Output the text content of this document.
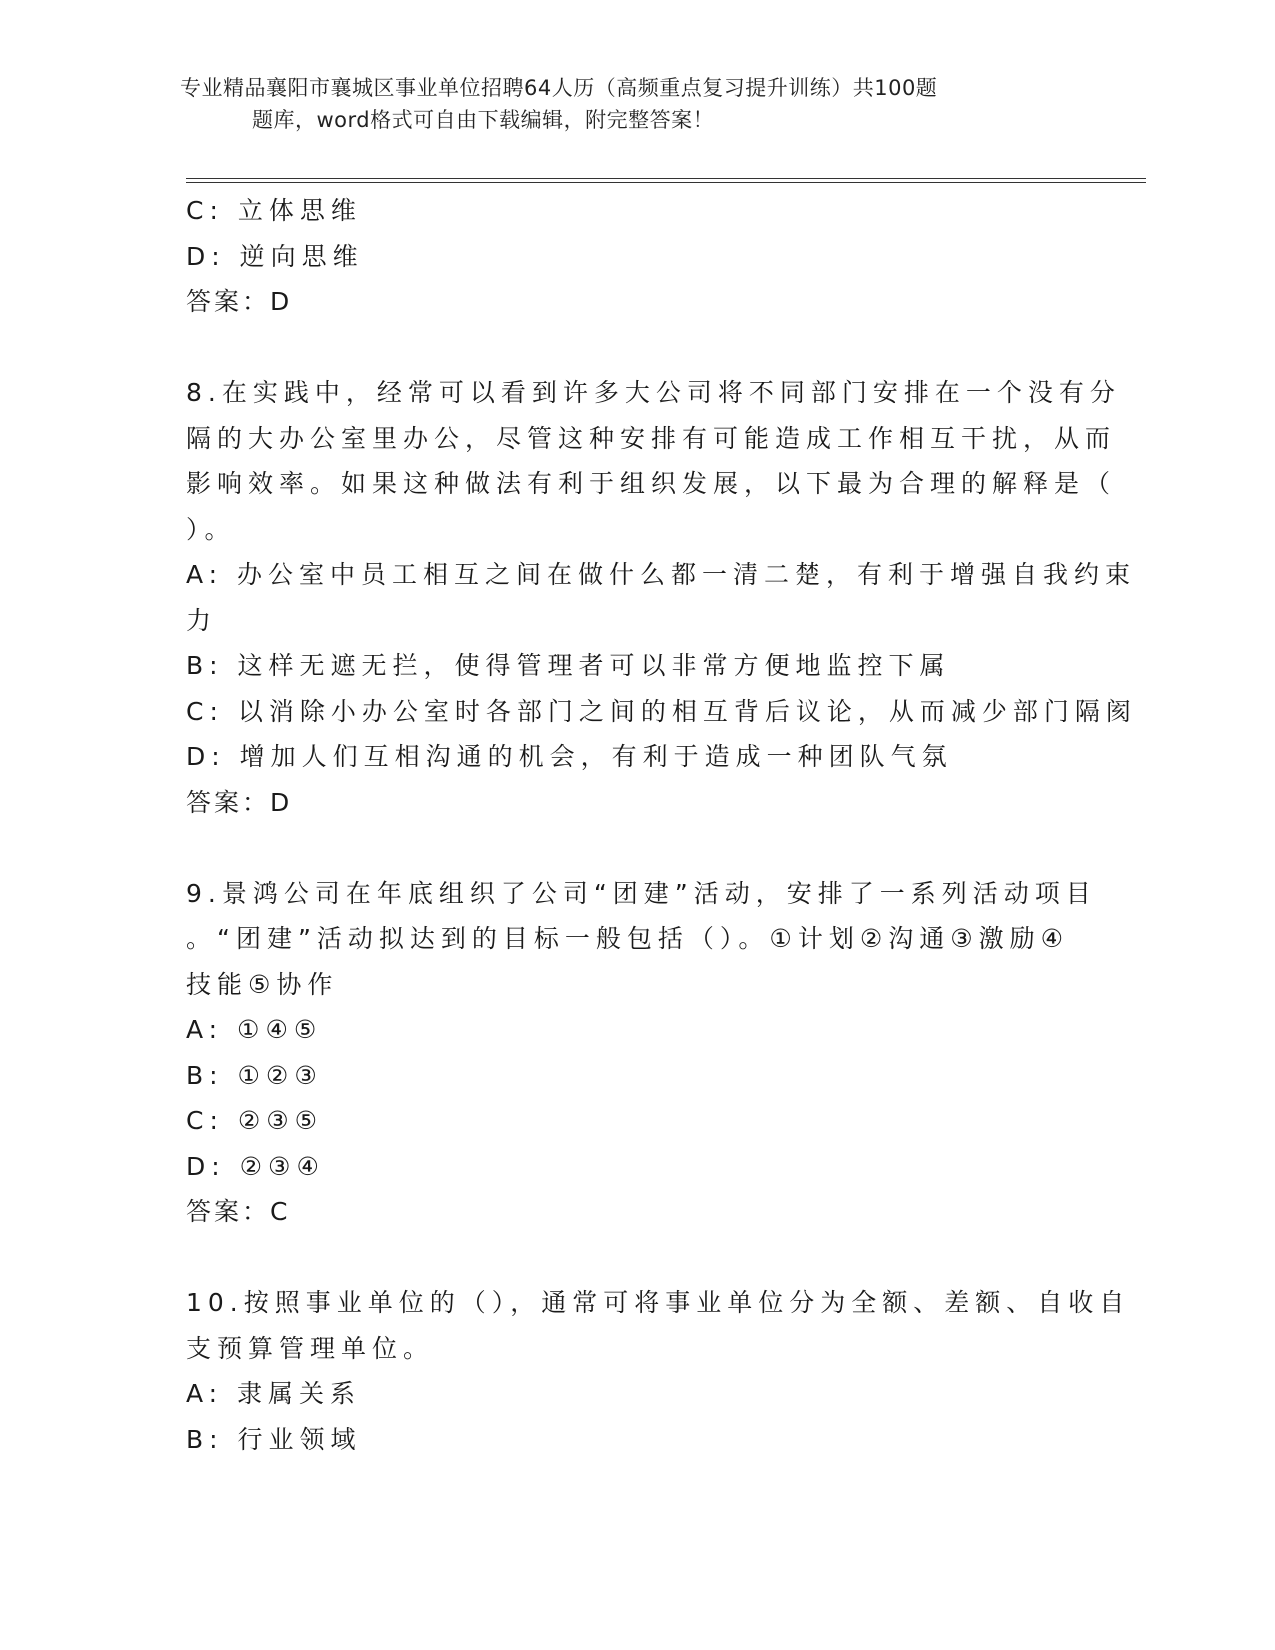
专业精品襄阳市襄城区事业单位招聘64人历（高频重点复习提升训练）共100题
题库，word格式可自由下载编辑，附完整答案！
C: 立体思维
D: 逆向思维
答案：D
8.在实践中，经常可以看到许多大公司将不同部门安排在一个没有分
隔的大办公室里办公，尽管这种安排有可能造成工作相互干扰，从而
影响效率。如果这种做法有利于组织发展，以下最为合理的解释是（
）。
A: 办公室中员工相互之间在做什么都一清二楚，有利于增强自我约束
力
B: 这样无遮无拦，使得管理者可以非常方便地监控下属
C: 以消除小办公室时各部门之间的相互背后议论，从而减少部门隔阂
D: 增加人们互相沟通的机会，有利于造成一种团队气氛
答案：D
9.景鸿公司在年底组织了公司“团建”活动，安排了一系列活动项目
。“团建”活动拟达到的目标一般包括（）。①计划②沟通③激励④
技能⑤协作
A: ①④⑤
B: ①②③
C: ②③⑤
D: ②③④
答案：C
10.按照事业单位的（），通常可将事业单位分为全额、差额、自收自
支预算管理单位。
A: 隶属关系
B: 行业领域
